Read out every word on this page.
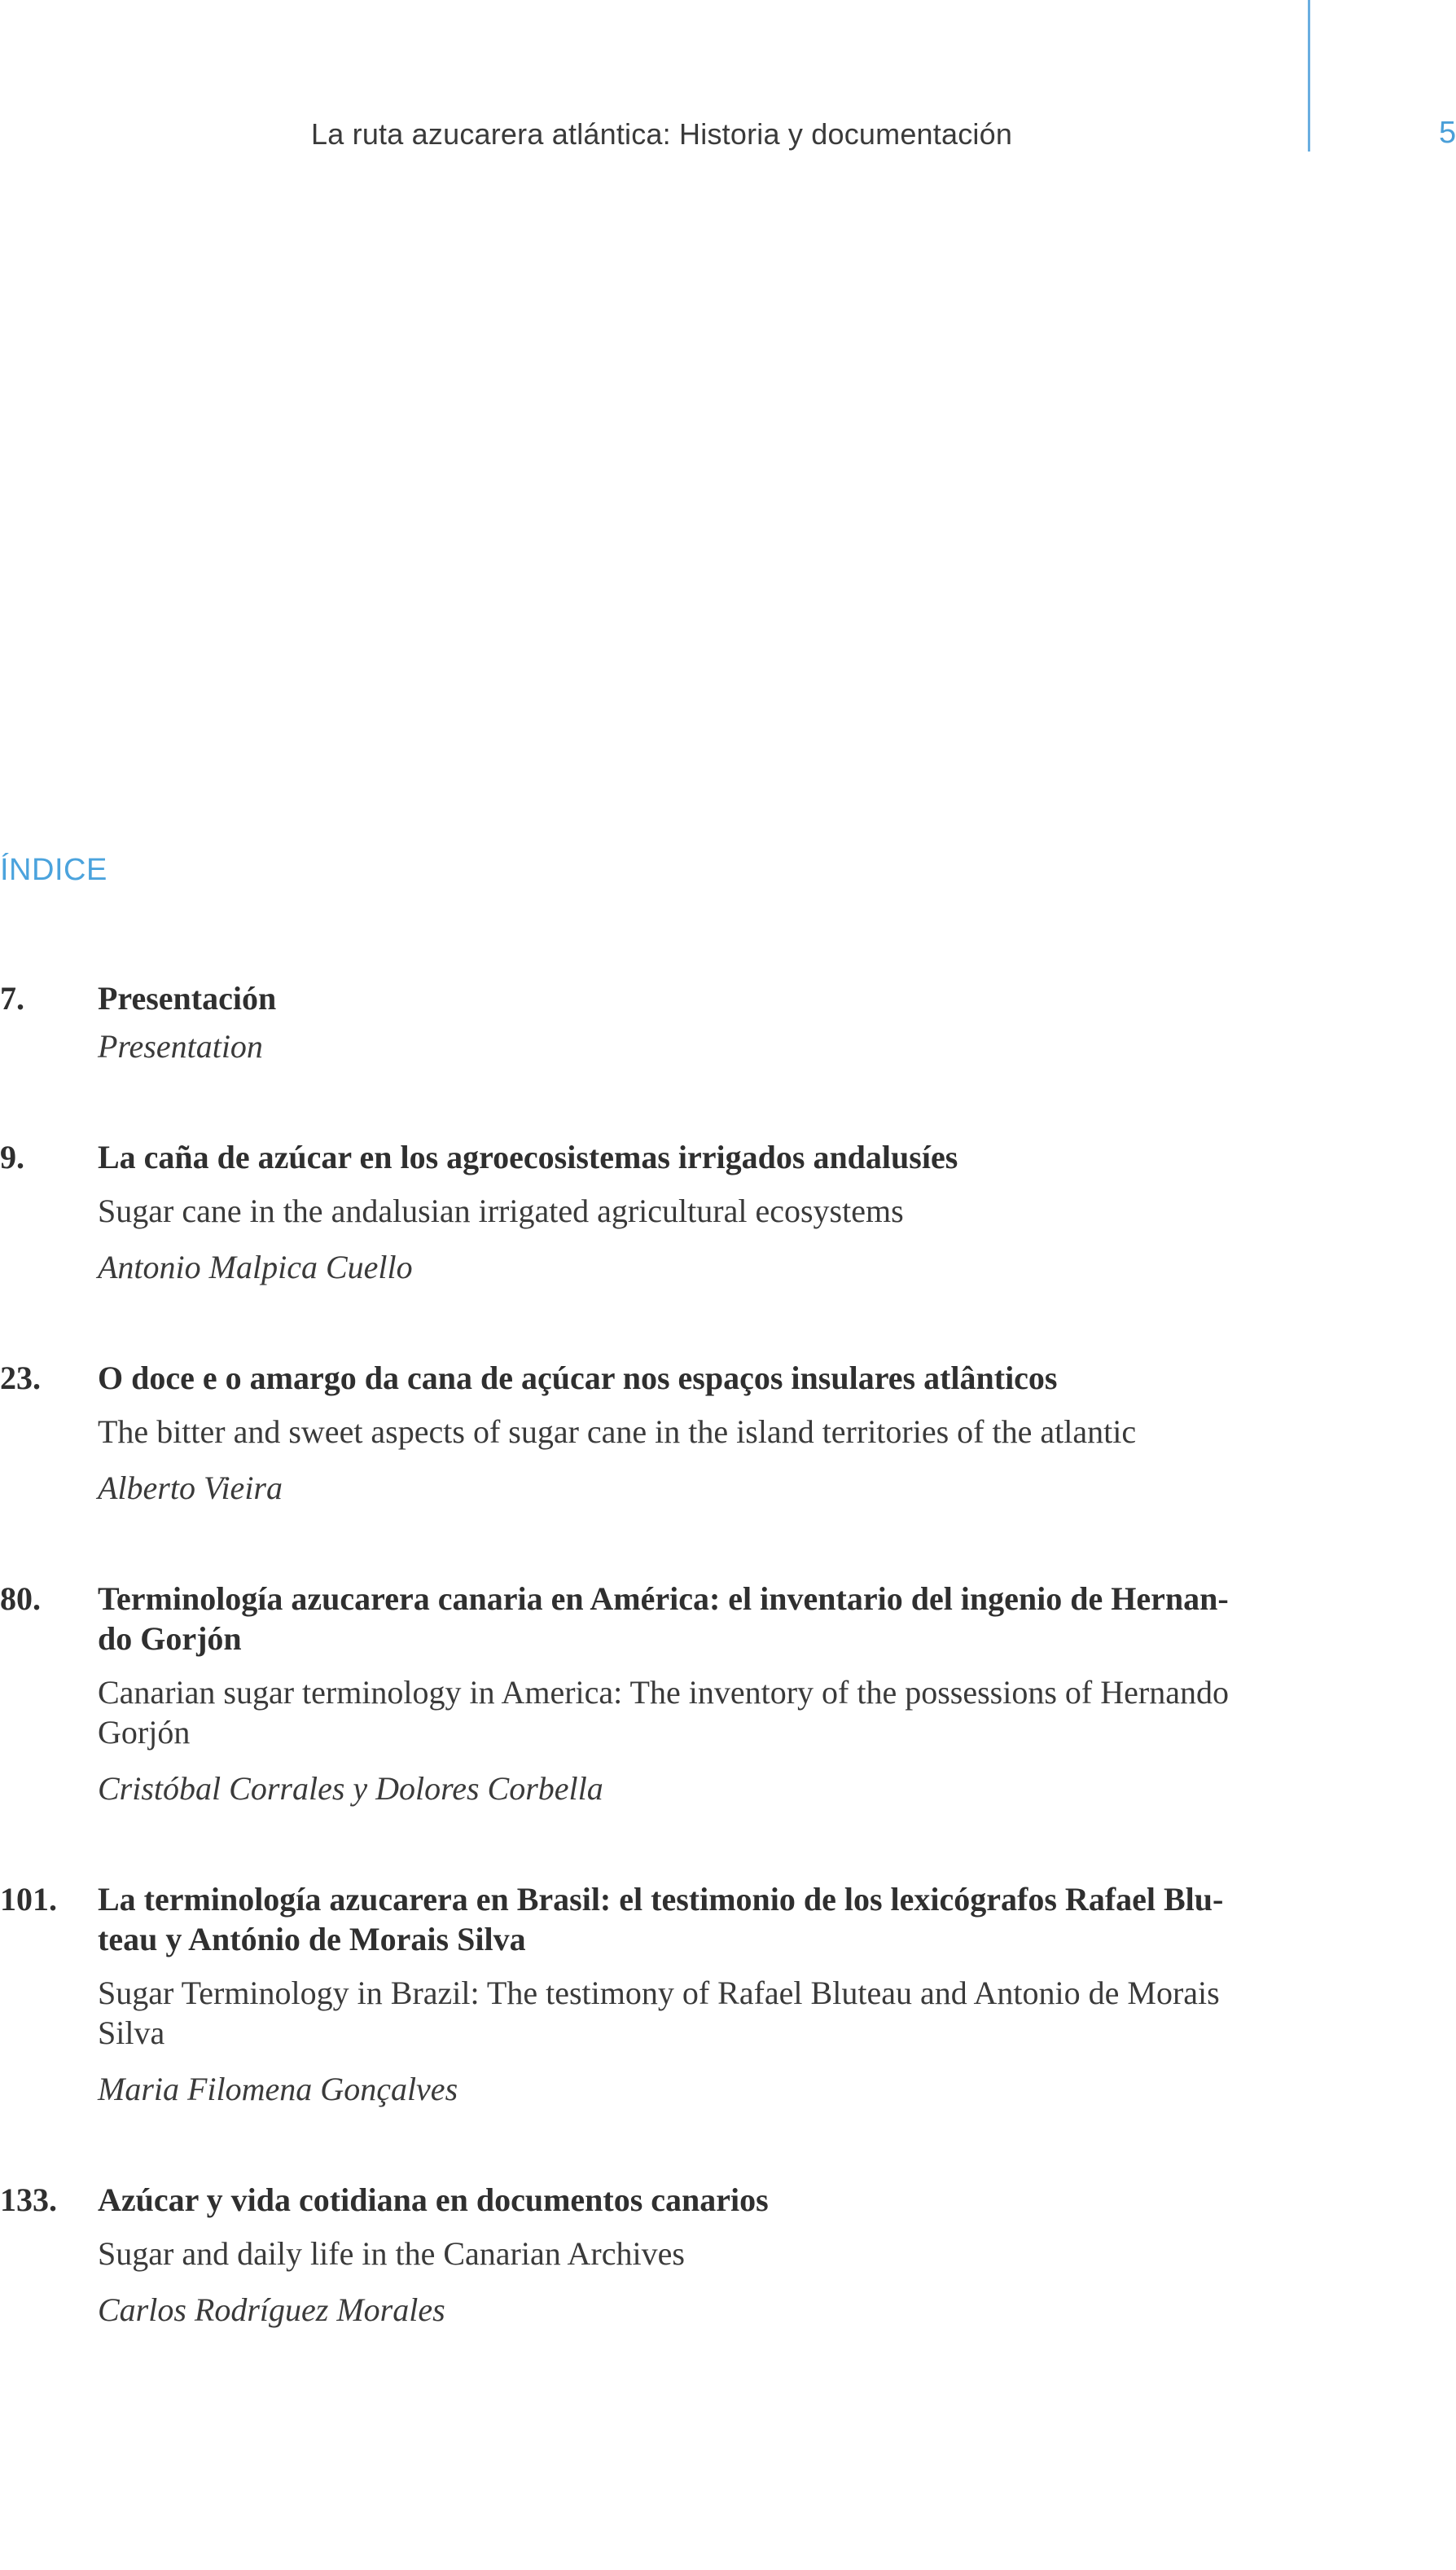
La ruta azucarera atlántica: Historia y documentación	5
ÍNDICE
7. Presentación
Presentation
9. La caña de azúcar en los agroecosistemas irrigados andalusíes
Sugar cane in the andalusian irrigated agricultural ecosystems
Antonio Malpica Cuello
23. O doce e o amargo da cana de açúcar nos espaços insulares atlânticos
The bitter and sweet aspects of sugar cane in the island territories of the atlantic
Alberto Vieira
80. Terminología azucarera canaria en América: el inventario del ingenio de Hernan-
do Gorjón
Canarian sugar terminology in America: The inventory of the possessions of Hernando
Gorjón
Cristóbal Corrales y Dolores Corbella
101. La terminología azucarera en Brasil: el testimonio de los lexicógrafos Rafael Blu-
teau y António de Morais Silva
Sugar Terminology in Brazil: The testimony of Rafael Bluteau and Antonio de Morais
Silva
Maria Filomena Gonçalves
133. Azúcar y vida cotidiana en documentos canarios
Sugar and daily life in the Canarian Archives
Carlos Rodríguez Morales
